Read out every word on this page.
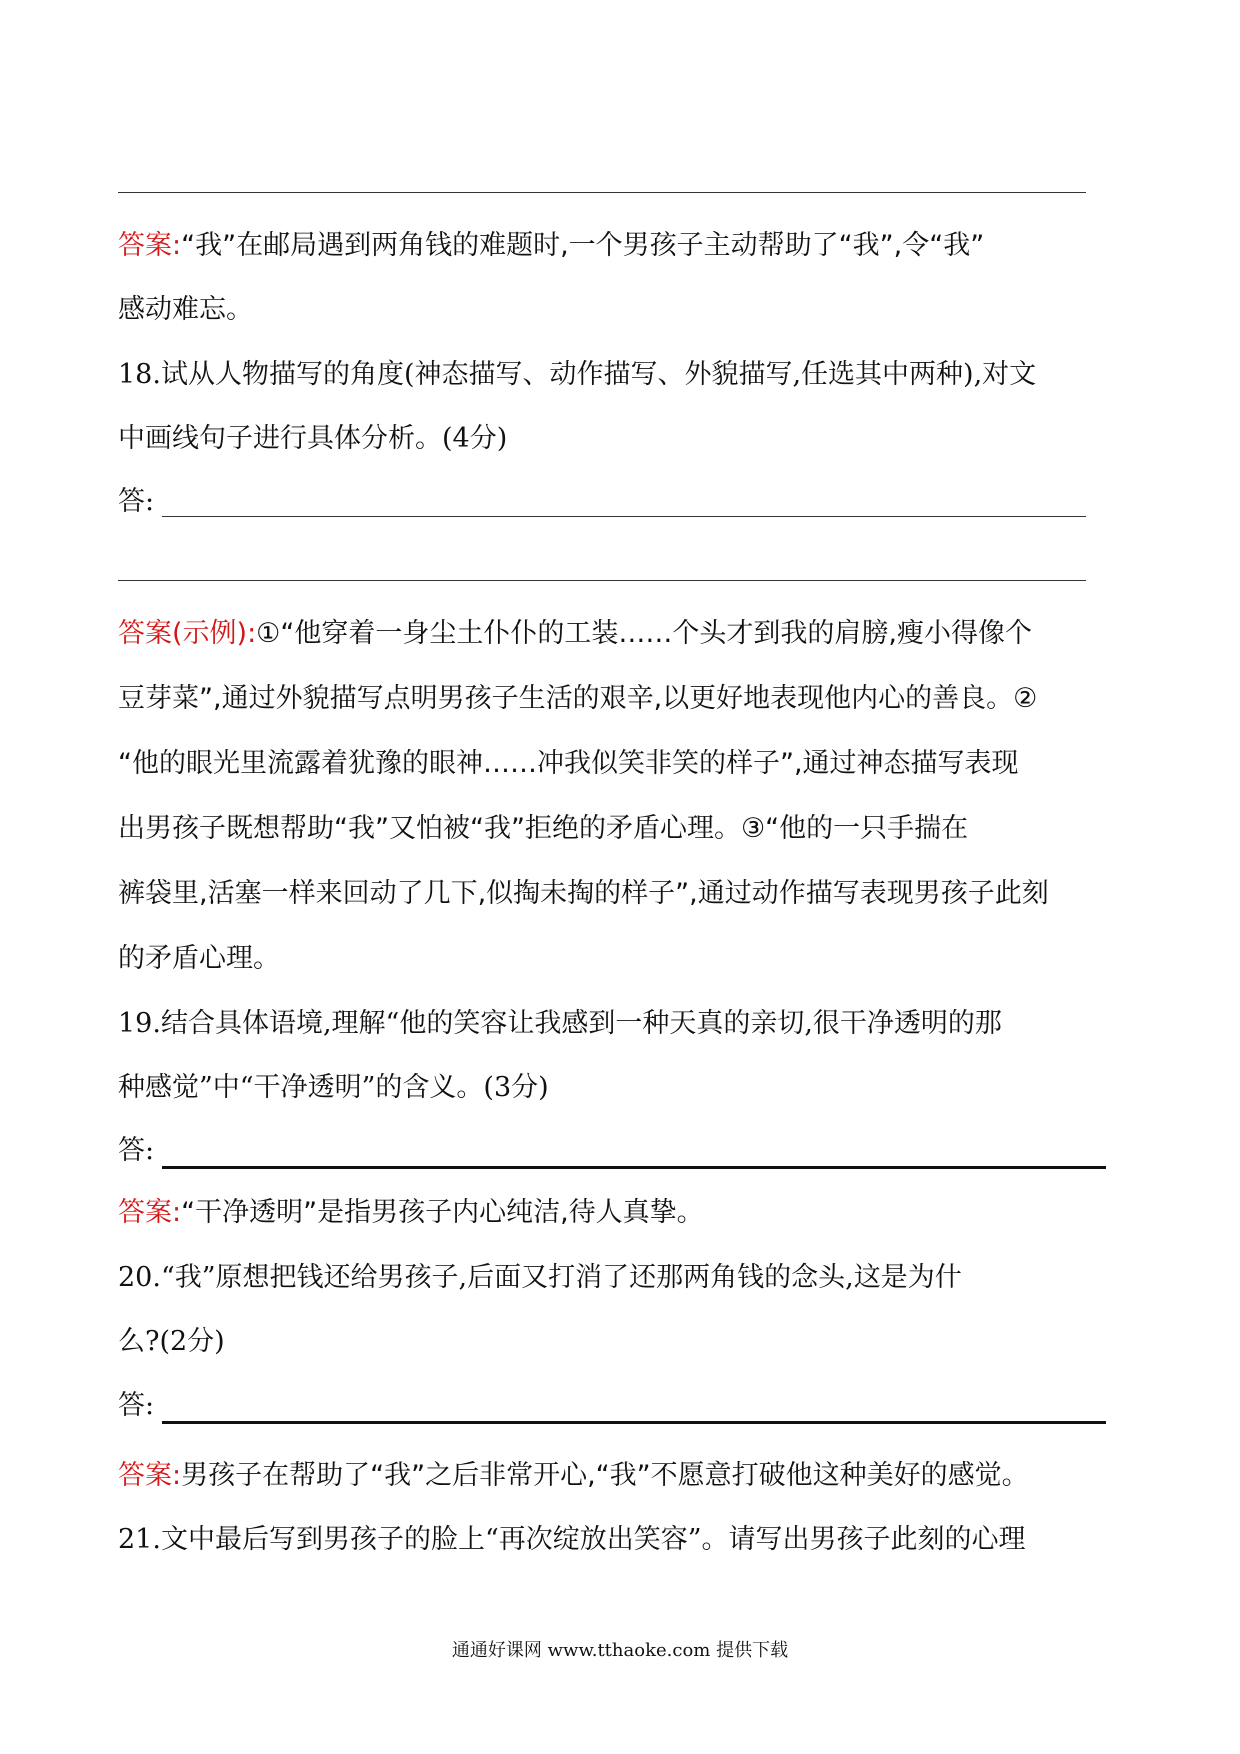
答案:“我”在邮局遇到两角钱的难题时,一个男孩子主动帮助了“我”,令“我”
感动难忘。
18.试从人物描写的角度(神态描写、动作描写、外貌描写,任选其中两种),对文
中画线句子进行具体分析。(4分)
答:
答案(示例):①“他穿着一身尘土仆仆的工装……个头才到我的肩膀,瘦小得像个
豆芽菜”,通过外貌描写点明男孩子生活的艰辛,以更好地表现他内心的善良。②
“他的眼光里流露着犹豫的眼神……冲我似笑非笑的样子”,通过神态描写表现
出男孩子既想帮助“我”又怕被“我”拒绝的矛盾心理。③“他的一只手揣在
裤袋里,活塞一样来回动了几下,似掏未掏的样子”,通过动作描写表现男孩子此刻
的矛盾心理。
19.结合具体语境,理解“他的笑容让我感到一种天真的亲切,很干净透明的那
种感觉”中“干净透明”的含义。(3分)
答:
答案:“干净透明”是指男孩子内心纯洁,待人真挚。
20.“我”原想把钱还给男孩子,后面又打消了还那两角钱的念头,这是为什
么?(2分)
答:
答案:男孩子在帮助了“我”之后非常开心,“我”不愿意打破他这种美好的感觉。
21.文中最后写到男孩子的脸上“再次绽放出笑容”。请写出男孩子此刻的心理
通通好课网 www.tthaoke.com 提供下载
